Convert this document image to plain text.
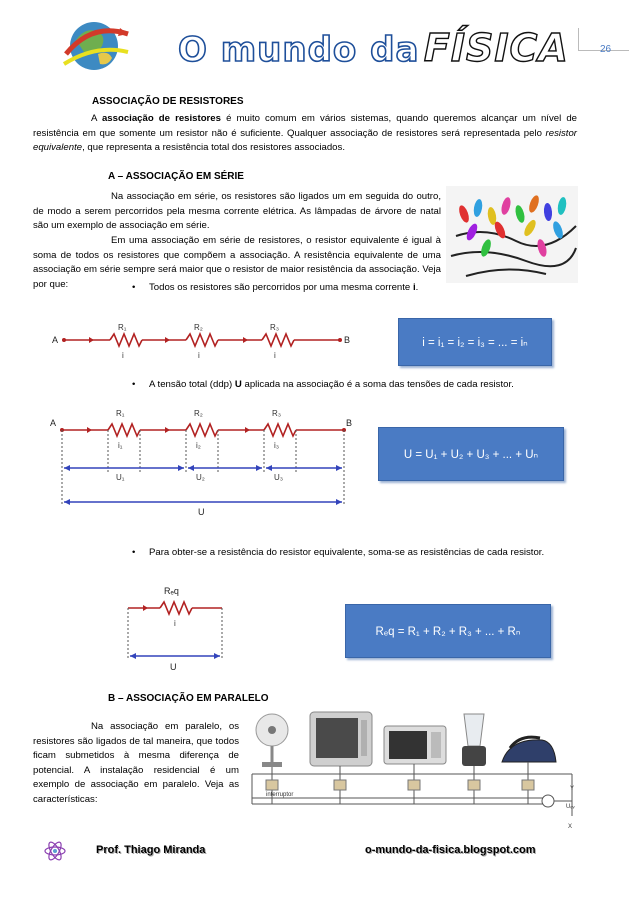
O mundo da FÍSICA	26
ASSOCIAÇÃO DE RESISTORES
A associação de resistores é muito comum em vários sistemas, quando queremos alcançar um nível de resistência em que somente um resistor não é suficiente. Qualquer associação de resistores será representada pelo resistor equivalente, que representa a resistência total dos resistores associados.
A – ASSOCIAÇÃO EM SÉRIE
Na associação em série, os resistores são ligados um em seguida do outro, de modo a serem percorridos pela mesma corrente elétrica. As lâmpadas de árvore de natal são um exemplo de associação em série.
Em uma associação em série de resistores, o resistor equivalente é igual à soma de todos os resistores que compõem a associação. A resistência equivalente de uma associação em série sempre será maior que o resistor de maior resistência da associação. Veja por que:	• Todos os resistores são percorridos por uma mesma corrente i.
A	B
R₁	R₂	R₃
i	i	i
i = i₁ = i₂ = i₃ = ... = iₙ
• A tensão total (ddp) U aplicada na associação é a soma das tensões de cada resistor.
A	B
R₁	R₂	R₃
i₁	i₂	i₃
U₁	U₂	U₃
U
U = U₁ + U₂ + U₃ + ... + Uₙ
• Para obter-se a resistência do resistor equivalente, soma-se as resistências de cada resistor.
Rₑq
i
U
Rₑq = R₁ + R₂ + R₃ + ... + Rₙ
B – ASSOCIAÇÃO EM PARALELO
Na associação em paralelo, os resistores são ligados de tal maneira, que todos ficam submetidos à mesma diferença de potencial. A instalação residencial é um exemplo de associação em paralelo. Veja as características:	interruptor
Uₑᵥ
Y
X
Prof. Thiago Miranda	o-mundo-da-fisica.blogspot.com
